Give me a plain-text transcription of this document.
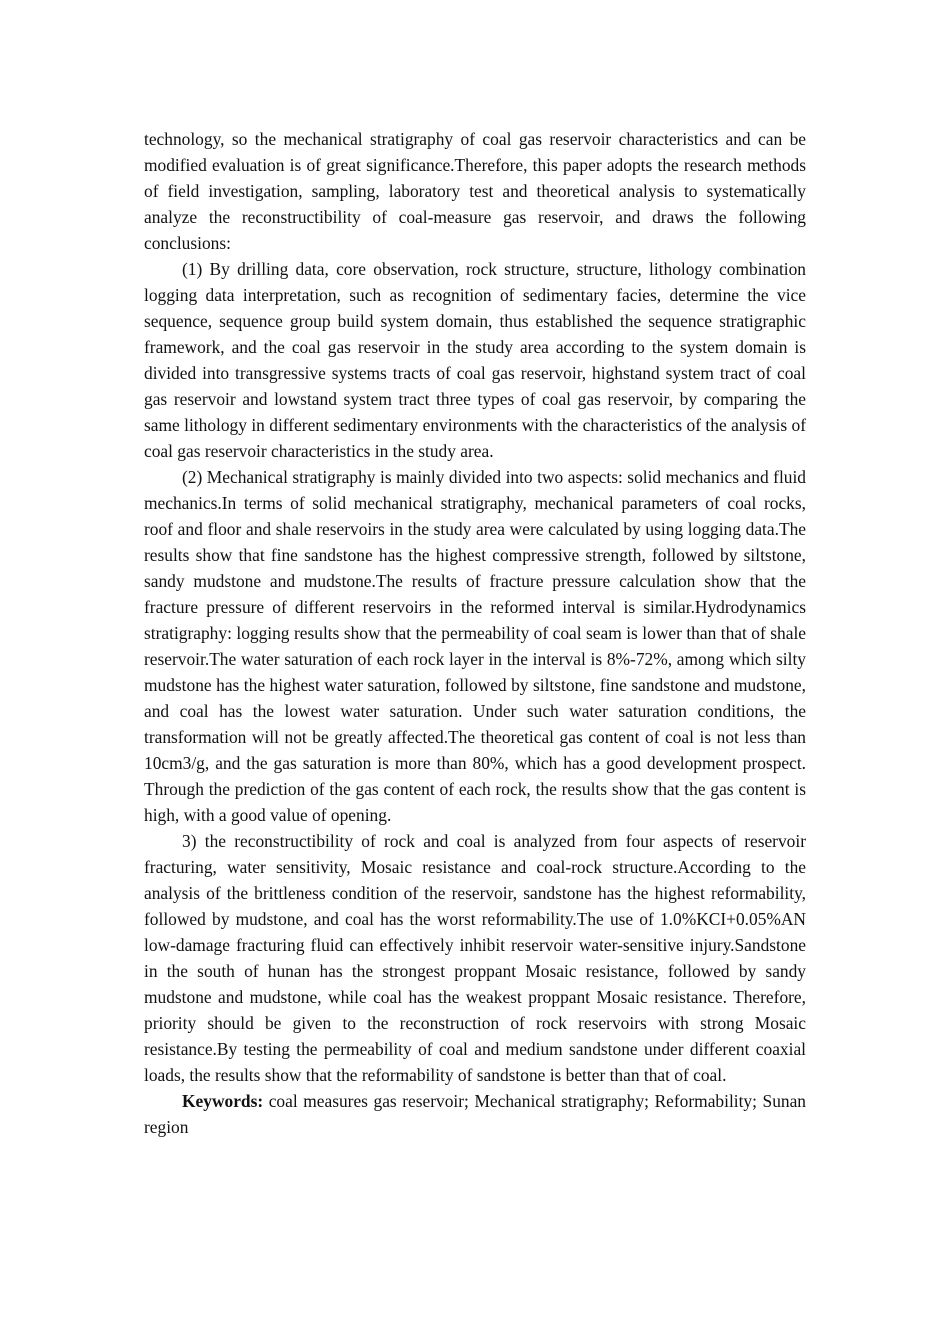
technology, so the mechanical stratigraphy of coal gas reservoir characteristics and can be modified evaluation is of great significance.Therefore, this paper adopts the research methods of field investigation, sampling, laboratory test and theoretical analysis to systematically analyze the reconstructibility of coal-measure gas reservoir, and draws the following conclusions:

(1) By drilling data, core observation, rock structure, structure, lithology combination logging data interpretation, such as recognition of sedimentary facies, determine the vice sequence, sequence group build system domain, thus established the sequence stratigraphic framework, and the coal gas reservoir in the study area according to the system domain is divided into transgressive systems tracts of coal gas reservoir, highstand system tract of coal gas reservoir and lowstand system tract three types of coal gas reservoir, by comparing the same lithology in different sedimentary environments with the characteristics of the analysis of coal gas reservoir characteristics in the study area.

(2) Mechanical stratigraphy is mainly divided into two aspects: solid mechanics and fluid mechanics.In terms of solid mechanical stratigraphy, mechanical parameters of coal rocks, roof and floor and shale reservoirs in the study area were calculated by using logging data.The results show that fine sandstone has the highest compressive strength, followed by siltstone, sandy mudstone and mudstone.The results of fracture pressure calculation show that the fracture pressure of different reservoirs in the reformed interval is similar.Hydrodynamics stratigraphy: logging results show that the permeability of coal seam is lower than that of shale reservoir.The water saturation of each rock layer in the interval is 8%-72%, among which silty mudstone has the highest water saturation, followed by siltstone, fine sandstone and mudstone, and coal has the lowest water saturation. Under such water saturation conditions, the transformation will not be greatly affected.The theoretical gas content of coal is not less than 10cm3/g, and the gas saturation is more than 80%, which has a good development prospect. Through the prediction of the gas content of each rock, the results show that the gas content is high, with a good value of opening.

3) the reconstructibility of rock and coal is analyzed from four aspects of reservoir fracturing, water sensitivity, Mosaic resistance and coal-rock structure.According to the analysis of the brittleness condition of the reservoir, sandstone has the highest reformability, followed by mudstone, and coal has the worst reformability.The use of 1.0%KCI+0.05%AN low-damage fracturing fluid can effectively inhibit reservoir water-sensitive injury.Sandstone in the south of hunan has the strongest proppant Mosaic resistance, followed by sandy mudstone and mudstone, while coal has the weakest proppant Mosaic resistance. Therefore, priority should be given to the reconstruction of rock reservoirs with strong Mosaic resistance.By testing the permeability of coal and medium sandstone under different coaxial loads, the results show that the reformability of sandstone is better than that of coal.

Keywords: coal measures gas reservoir; Mechanical stratigraphy; Reformability; Sunan region
